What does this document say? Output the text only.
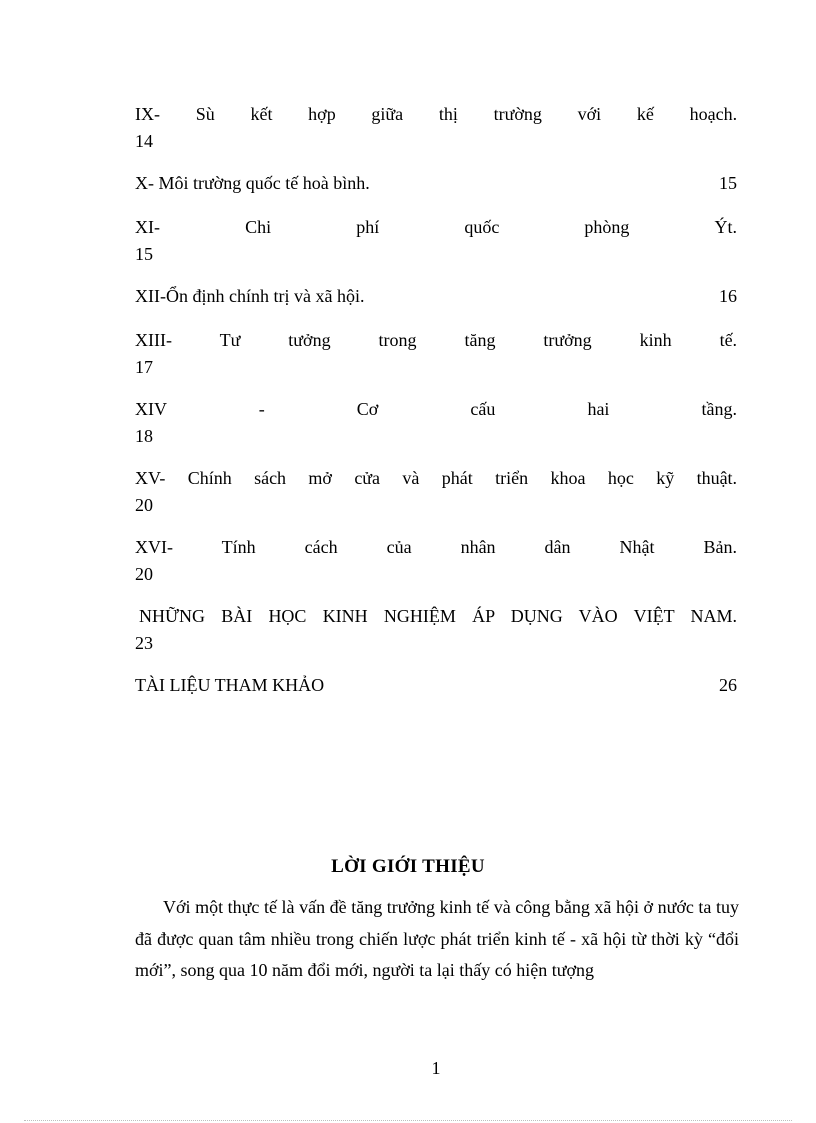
IX- Sù kết hợp giữa thị trường với kế hoạch.
14
X- Môi trường quốc tế hoà bình.	15
XI-	Chi	phí	quốc	phòng	Ýt.
15
XII-Ổn định chính trị và xã hội.	16
XIII-	Tư	tưởng	trong	tăng	trưởng	kinh	tế.
17
XIV	-	Cơ	cấu	hai	tầng.
18
XV- Chính sách mở cửa và phát triển khoa học kỹ thuật.
20
XVI-	Tính	cách	của	nhân	dân	Nhật	Bản.
20
NHỮNG BÀI HỌC KINH NGHIỆM ÁP DỤNG VÀO VIỆT NAM.
23
TÀI LIỆU THAM KHẢO	26
LỜI GIỚI THIỆU

Với một thực tế là vấn đề tăng trưởng kinh tế và công bằng xã hội ở nước ta tuy đã được quan tâm nhiều trong chiến lược phát triển kinh tế - xã hội từ thời kỳ “đổi mới”, song qua 10 năm đổi mới, người ta lại thấy có hiện tượng

1
